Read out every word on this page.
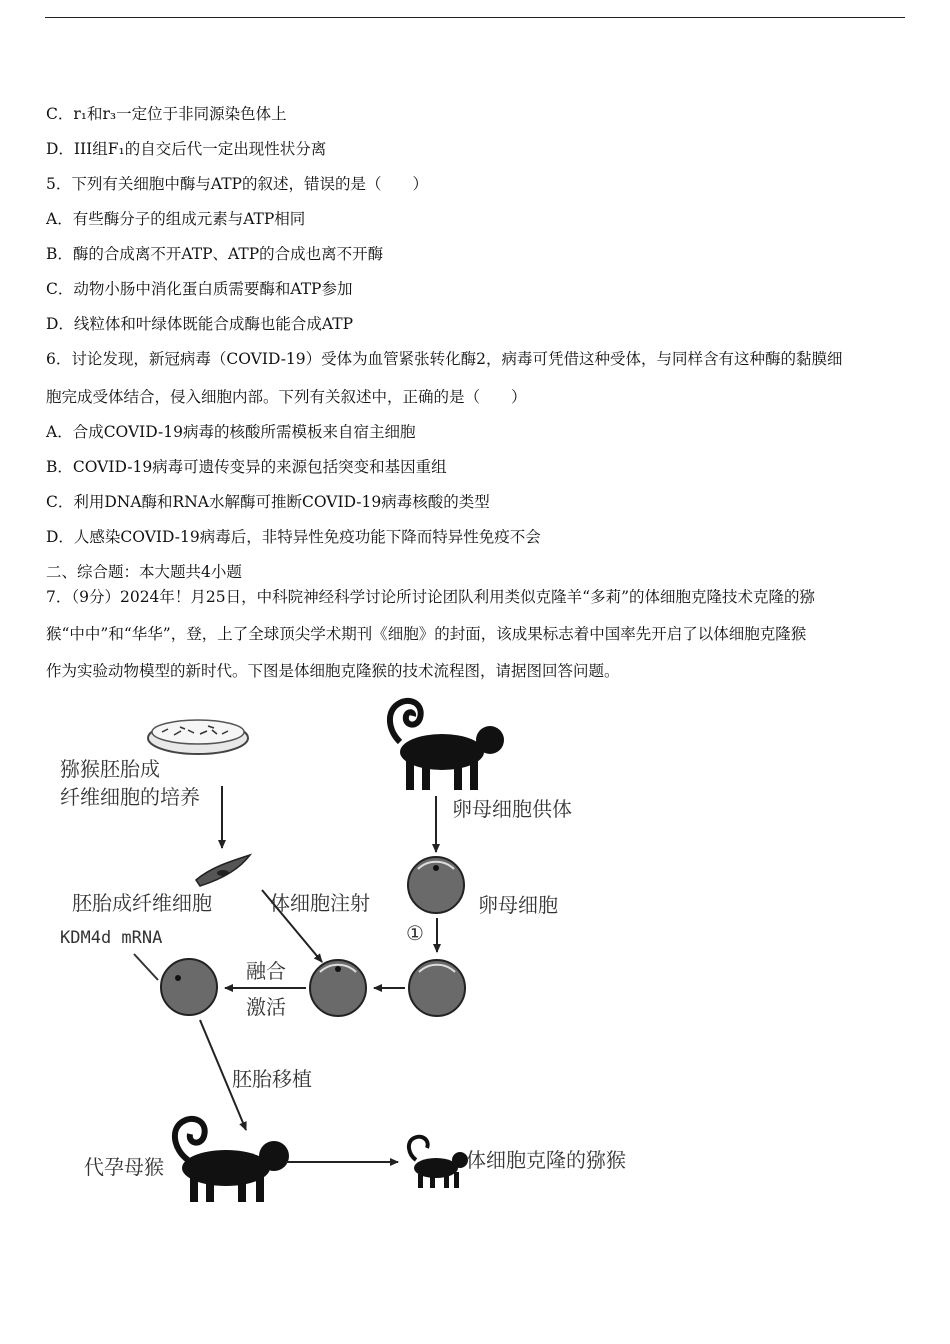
C．r₁和r₃一定位于非同源染色体上
D．III组F₁的自交后代一定出现性状分离
5．下列有关细胞中酶与ATP的叙述，错误的是（　　）
A．有些酶分子的组成元素与ATP相同
B．酶的合成离不开ATP、ATP的合成也离不开酶
C．动物小肠中消化蛋白质需要酶和ATP参加
D．线粒体和叶绿体既能合成酶也能合成ATP
6．讨论发现，新冠病毒（COVID-19）受体为血管紧张转化酶2，病毒可凭借这种受体，与同样含有这种酶的黏膜细
胞完成受体结合，侵入细胞内部。下列有关叙述中，正确的是（　　）
A．合成COVID-19病毒的核酸所需模板来自宿主细胞
B．COVID-19病毒可遗传变异的来源包括突变和基因重组
C．利用DNA酶和RNA水解酶可推断COVID-19病毒核酸的类型
D．人感染COVID-19病毒后，非特异性免疫功能下降而特异性免疫不会
二、综合题：本大题共4小题
7．（9分）2024年！月25日，中科院神经科学讨论所讨论团队利用类似克隆羊“多莉”的体细胞克隆技术克隆的猕
猴“中中”和“华华”，登，上了全球顶尖学术期刊《细胞》的封面，该成果标志着中国率先开启了以体细胞克隆猴
作为实验动物模型的新时代。下图是体细胞克隆猴的技术流程图，请据图回答问题。
猕猴胚胎成
纤维细胞的培养
胚胎成纤维细胞	体细胞注射
KDM4d mRNA
融合
激活
卵母细胞供体
卵母细胞
①
胚胎移植
代孕母猴	体细胞克隆的猕猴
